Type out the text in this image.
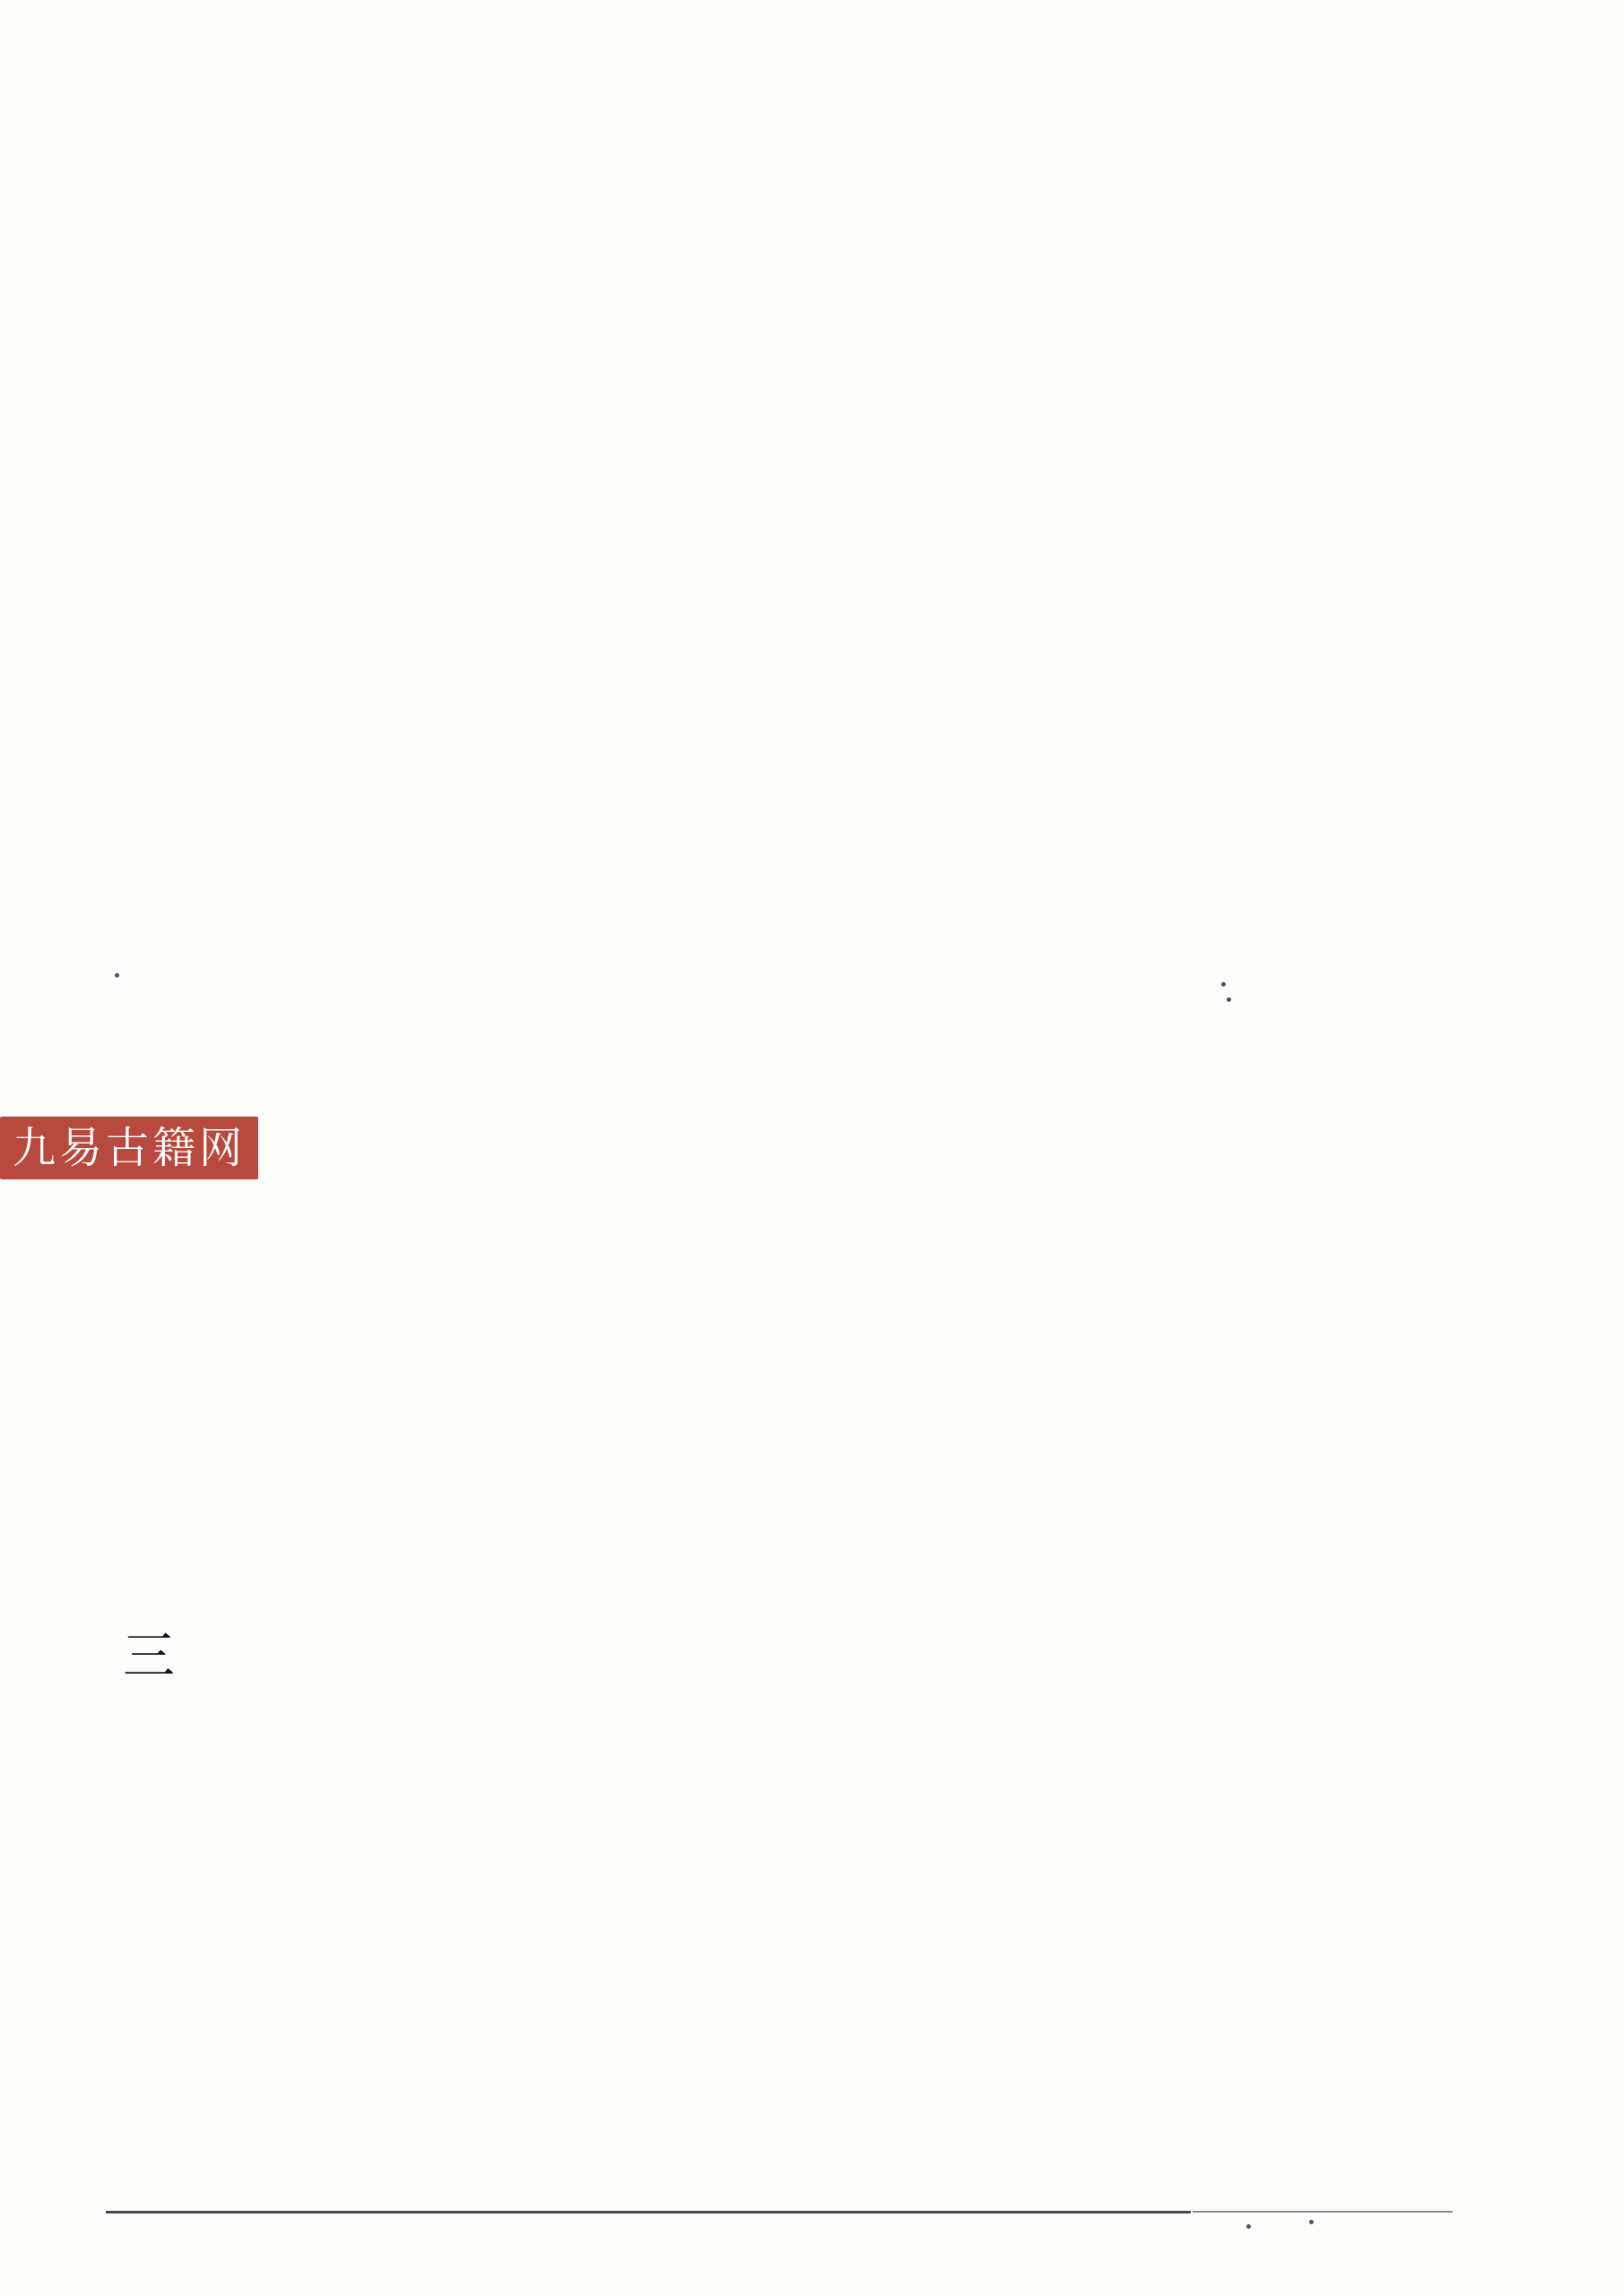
三
九易古籍网
